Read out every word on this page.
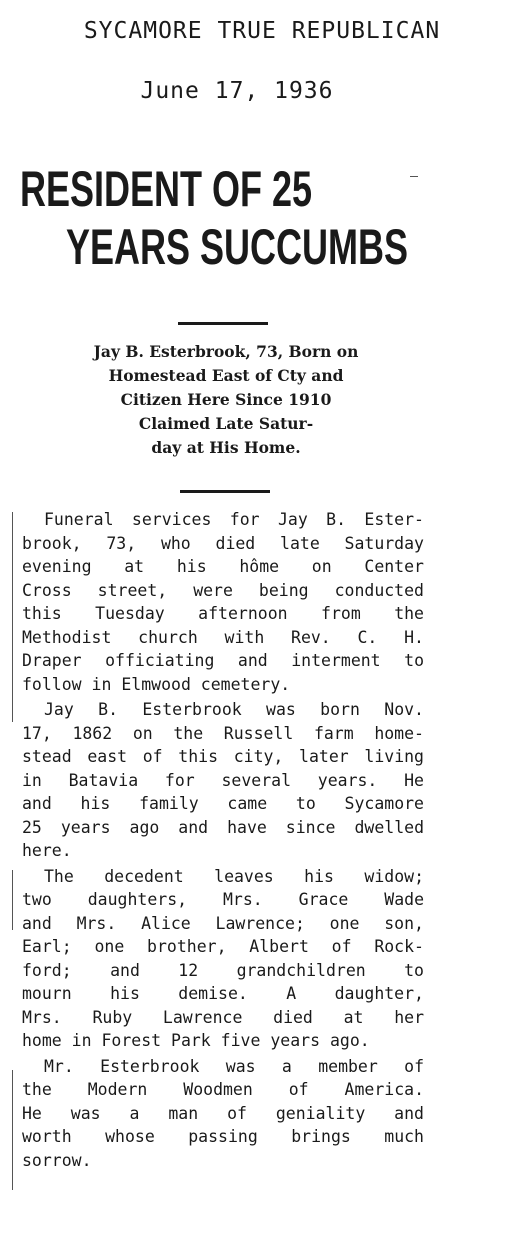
SYCAMORE TRUE REPUBLICAN
June 17, 1936
RESIDENT OF 25
YEARS SUCCUMBS
Jay B. Esterbrook, 73, Born on
Homestead East of Cty and
Citizen Here Since 1910
Claimed Late Satur-
day at His Home.
Funeral services for Jay B. Ester-
brook, 73, who died late Saturday
evening at his hôme on Center
Cross street, were being conducted
this Tuesday afternoon from the
Methodist church with Rev. C. H.
Draper officiating and interment to
follow in Elmwood cemetery.
Jay B. Esterbrook was born Nov.
17, 1862 on the Russell farm home-
stead east of this city, later living
in Batavia for several years. He
and his family came to Sycamore
25 years ago and have since dwelled
here.
The decedent leaves his widow;
two daughters, Mrs. Grace Wade
and Mrs. Alice Lawrence; one son,
Earl; one brother, Albert of Rock-
ford; and 12 grandchildren to
mourn his demise. A daughter,
Mrs. Ruby Lawrence died at her
home in Forest Park five years ago.
Mr. Esterbrook was a member of
the Modern Woodmen of America.
He was a man of geniality and
worth whose passing brings much
sorrow.
